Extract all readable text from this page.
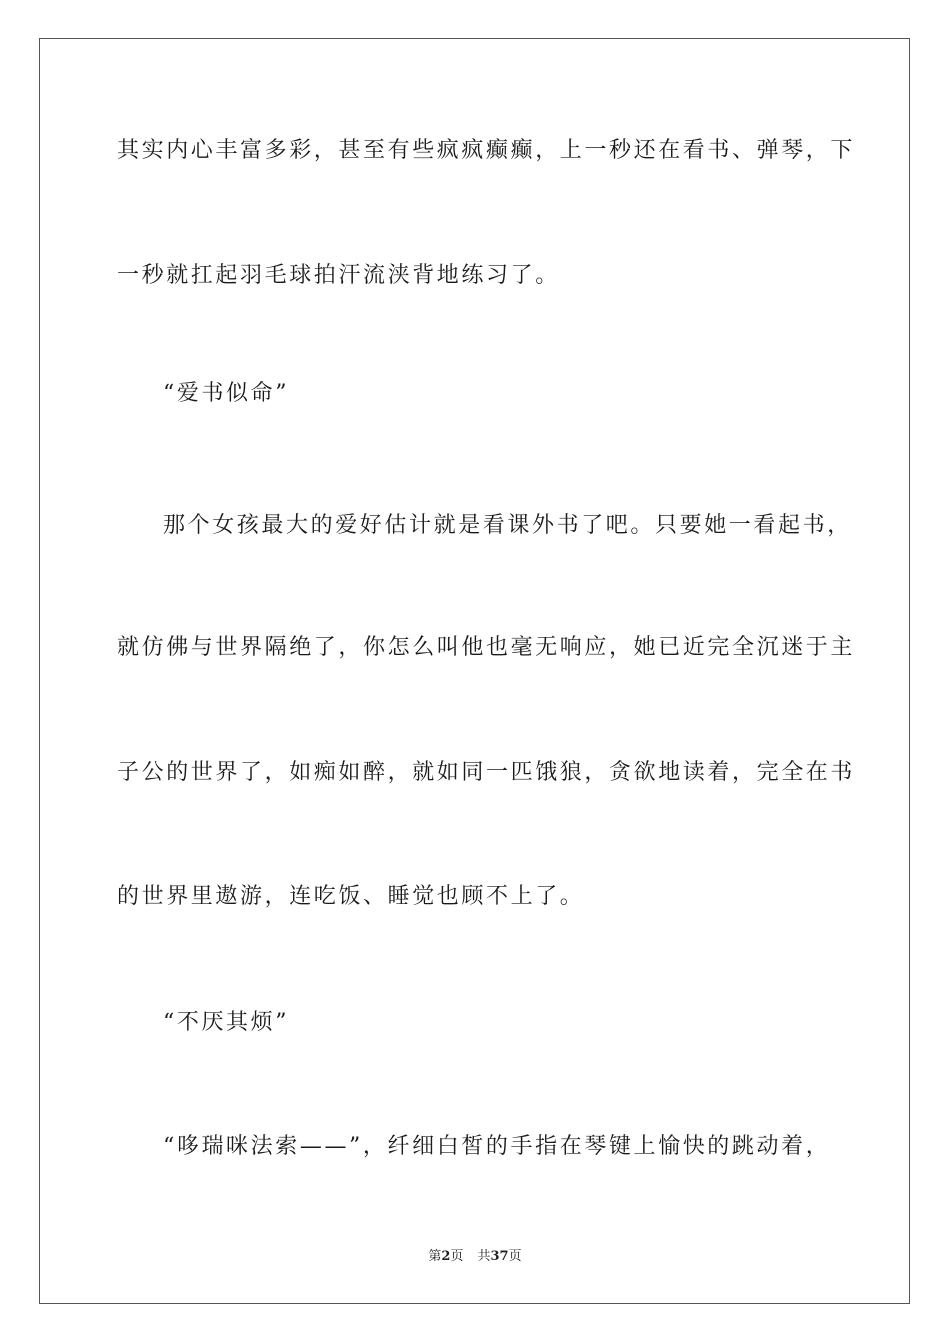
其实内心丰富多彩，甚至有些疯疯癫癫，上一秒还在看书、弹琴，下
一秒就扛起羽毛球拍汗流浃背地练习了。
“爱书似命”
那个女孩最大的爱好估计就是看课外书了吧。只要她一看起书，
就仿佛与世界隔绝了，你怎么叫他也毫无响应，她已近完全沉迷于主
子公的世界了，如痴如醉，就如同一匹饿狼，贪欲地读着，完全在书
的世界里遨游，连吃饭、睡觉也顾不上了。
“不厌其烦”
“哆瑞咪法索——”，纤细白皙的手指在琴键上愉快的跳动着，
第2页 共37页
